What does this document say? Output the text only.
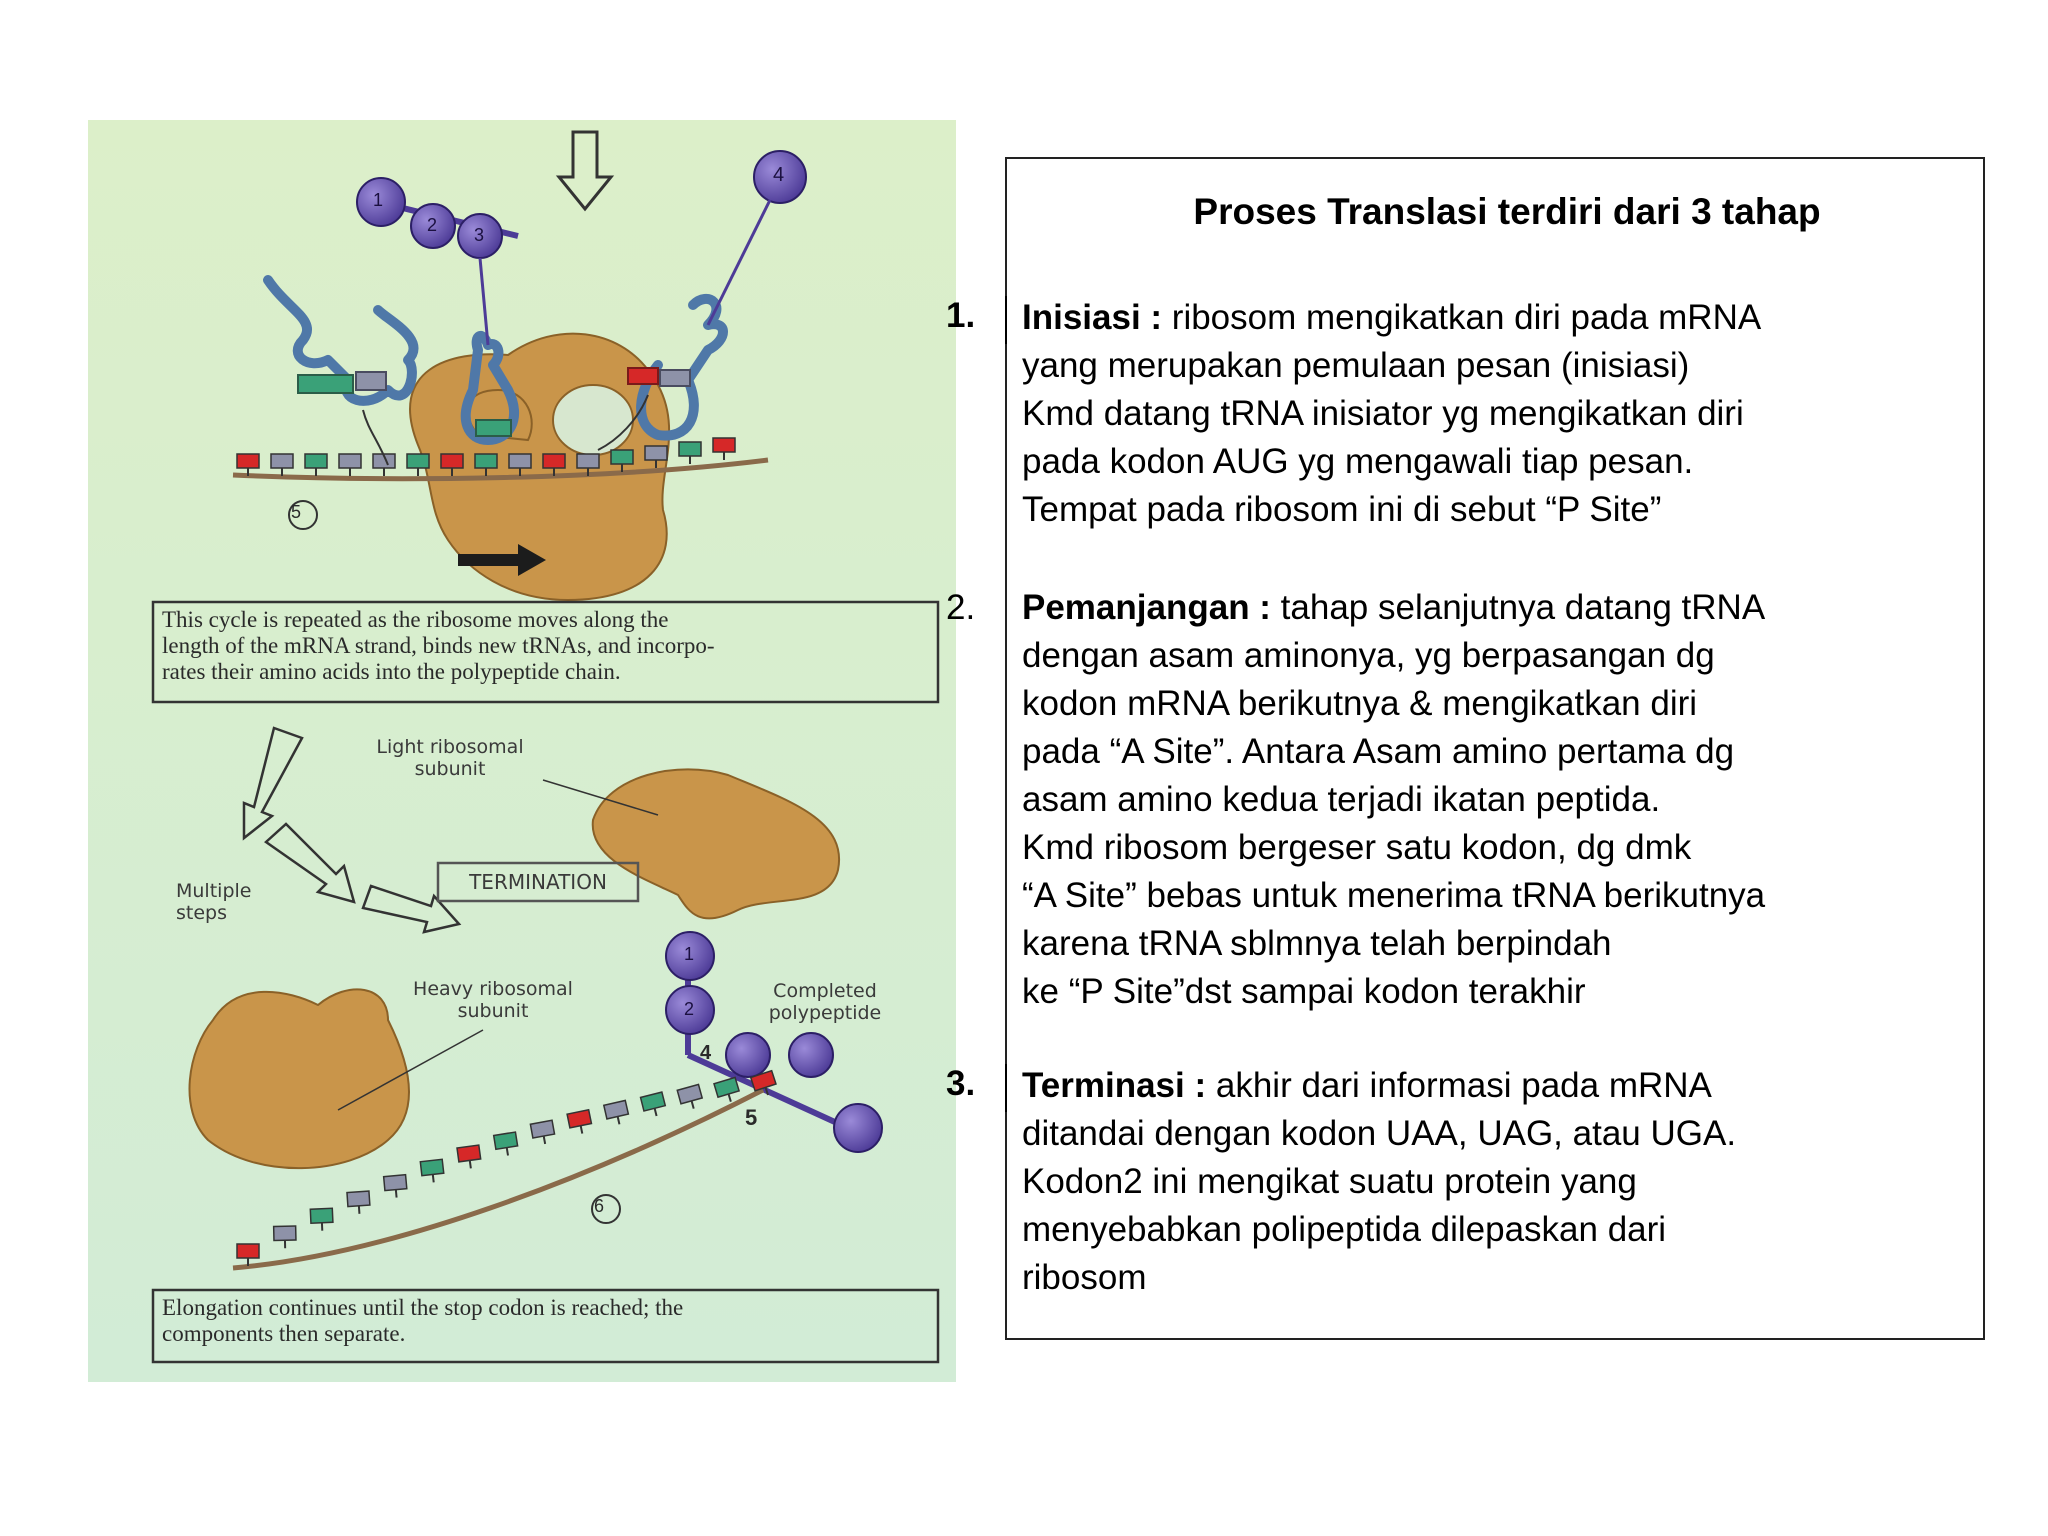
5
6
1
2 3
4
1
2
4
5
This cycle is repeated as the ribosome moves along the
length of the mRNA strand, binds new tRNAs, and incorpo-
rates their amino acids into the polypeptide chain.
Elongation continues until the stop codon is reached; the
components then separate.
Light ribosomal
subunit
Heavy ribosomal
subunit
Completed
polypeptide
Multiple
steps
TERMINATION
Proses Translasi terdiri dari 3 tahap
1. Inisiasi : ribosom mengikatkan diri pada mRNA
yang merupakan pemulaan pesan (inisiasi)
Kmd datang tRNA inisiator yg mengikatkan diri
pada kodon AUG yg mengawali tiap pesan.
Tempat pada ribosom ini di sebut “P Site”
2. Pemanjangan : tahap selanjutnya datang tRNA
dengan asam aminonya, yg berpasangan dg
kodon mRNA berikutnya & mengikatkan diri
pada “A Site”. Antara Asam amino pertama dg
asam amino kedua terjadi ikatan peptida.
Kmd ribosom bergeser satu kodon, dg dmk
“A Site” bebas untuk menerima tRNA berikutnya
karena tRNA sblmnya telah berpindah
ke “P Site”dst sampai kodon terakhir
3. Terminasi : akhir dari informasi pada mRNA
ditandai dengan kodon UAA, UAG, atau UGA.
Kodon2 ini mengikat suatu protein yang
menyebabkan polipeptida dilepaskan dari
ribosom
